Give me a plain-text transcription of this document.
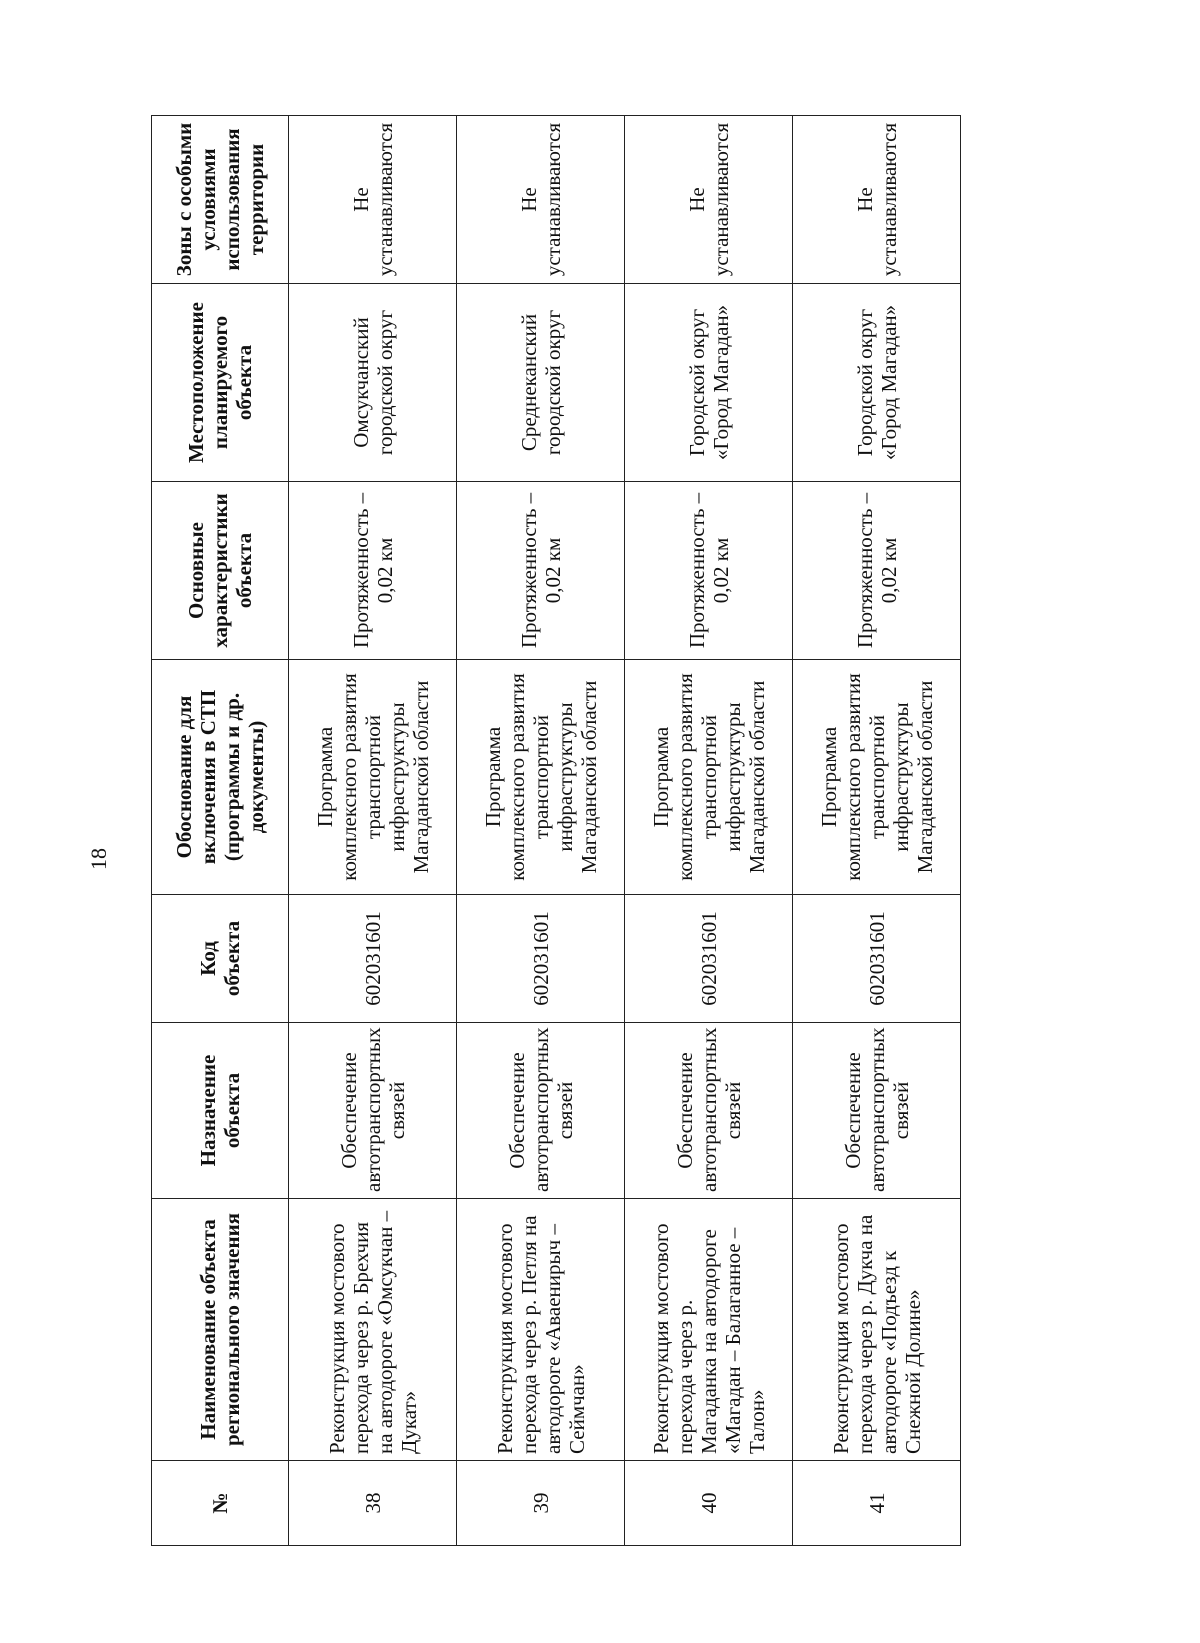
18
№	Наименование объекта регионального значения	Назначение объекта	Код объекта	Обоснование для включения в СТП (программы и др. документы)	Основные характеристики объекта	Местоположение планируемого объекта	Зоны с особыми условиями использования территории
38	Реконструкция мостового перехода через р. Брехчия на автодороге «Омсукчан – Дукат»	Обеспечение автотранспортных связей	602031601	Программа комплексного развития транспортной инфраструктуры Магаданской области	Протяженность – 0,02 км	Омсукчанский городской округ	Не устанавливаются
39	Реконструкция мостового перехода через р. Петля на автодороге «Аваенирыч – Сеймчан»	Обеспечение автотранспортных связей	602031601	Программа комплексного развития транспортной инфраструктуры Магаданской области	Протяженность – 0,02 км	Среднеканский городской округ	Не устанавливаются
40	Реконструкция мостового перехода через р. Магаданка на автодороге «Магадан – Балаганное – Талон»	Обеспечение автотранспортных связей	602031601	Программа комплексного развития транспортной инфраструктуры Магаданской области	Протяженность – 0,02 км	Городской округ «Город Магадан»	Не устанавливаются
41	Реконструкция мостового перехода через р. Дукча на автодороге «Подъезд к Снежной Долине»	Обеспечение автотранспортных связей	602031601	Программа комплексного развития транспортной инфраструктуры Магаданской области	Протяженность – 0,02 км	Городской округ «Город Магадан»	Не устанавливаются
